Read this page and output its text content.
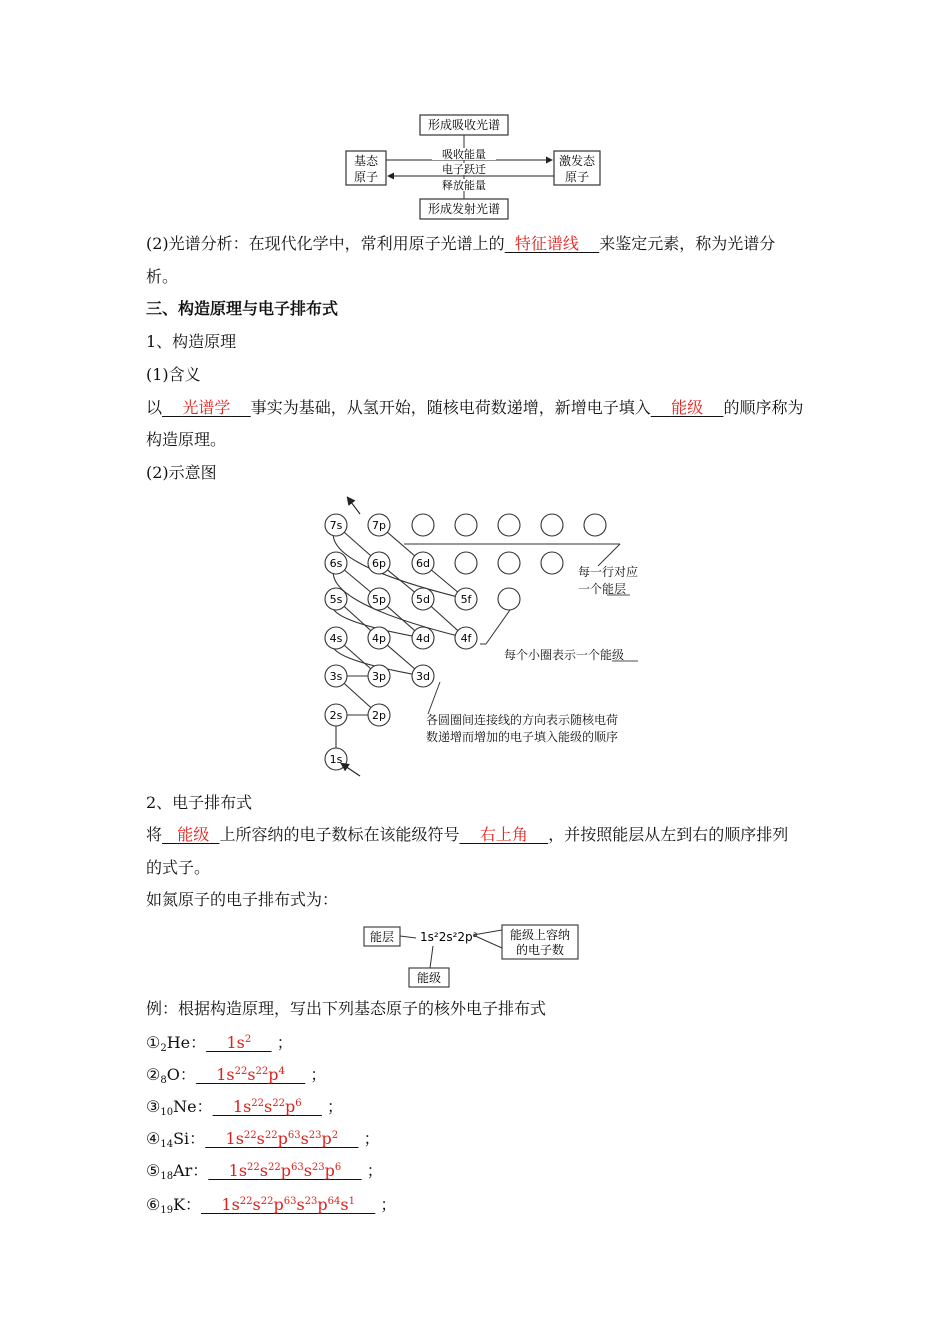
形成吸收光谱
形成发射光谱
基态
原子
激发态
原子
吸收能量
电子跃迁
释放能量
(2)光谱分析：在现代化学中，常利用原子光谱上的 特征谱线 来鉴定元素，称为光谱分
析。
三、构造原理与电子排布式
1、构造原理
(1)含义
以 光谱学 事实为基础，从氢开始，随核电荷数递增，新增电子填入 能级 的顺序称为
构造原理。
(2)示意图
7s	7p
6s	6p	6d
5s	5p	5d	5f
4s	4p	4d	4f
3s	3p	3d
2s	2p
1s
每一行对应
一个能层
每个小圈表示一个能级
各圆圈间连接线的方向表示随核电荷
数递增而增加的电子填入能级的顺序
2、电子排布式
将 能级 上所容纳的电子数标在该能级符号 右上角 ，并按照能层从左到右的顺序排列
的式子。
如氮原子的电子排布式为：
能层 1s²2s²2p³	能级上容纳
的电子数
能级
例：根据构造原理，写出下列基态原子的核外电子排布式
$①_2He$： $1s^2$     ；
$②_8O$： $1s^{22}s^{22}p^4$     ；
$③_{10}Ne$： $1s^{22}s^{22}p^6$     ；
$④_{14}Si$： $1s^{22}s^{22}p^{63}s^{23}p^2$     ；
$⑤_{18}Ar$： $1s^{22}s^{22}p^{63}s^{23}p^6$     ；
$⑥_{19}K$： $1s^{22}s^{22}p^{63}s^{23}p^{64}s^1$     ；
